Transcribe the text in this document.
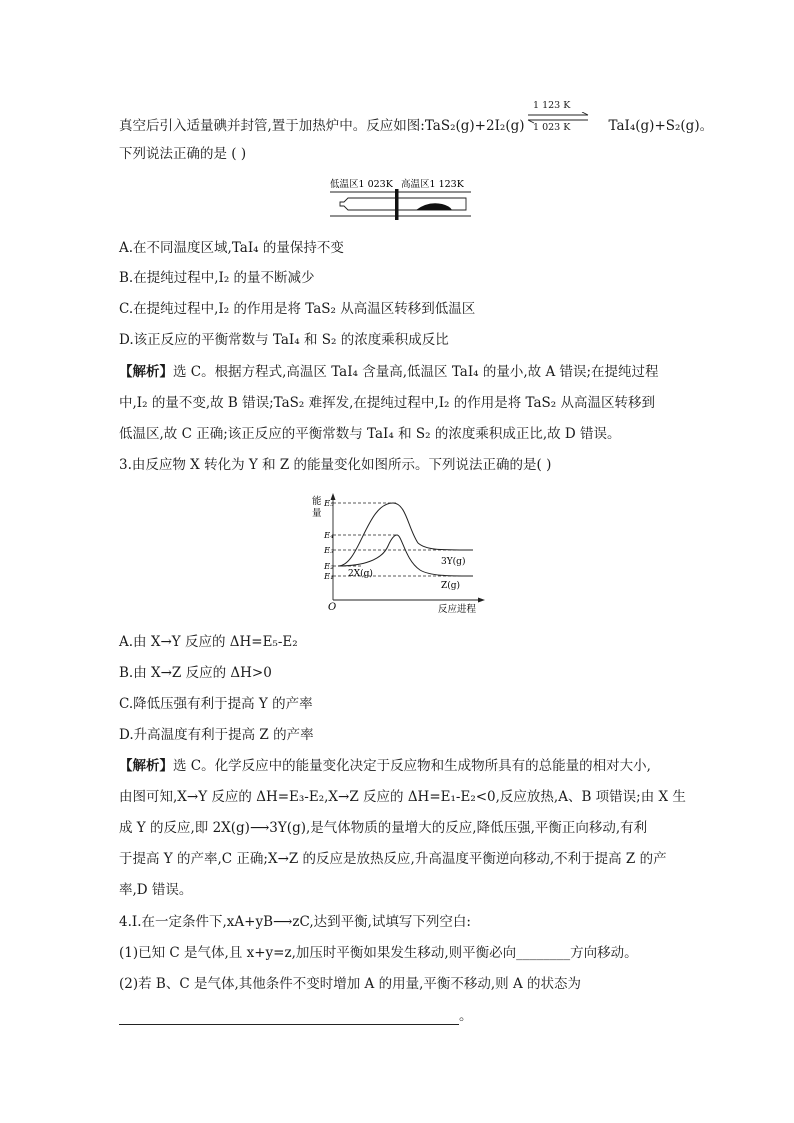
真空后引入适量碘并封管,置于加热炉中。反应如图:TaS₂(g)+2I₂(g)	TaI₄(g)+S₂(g)。
1 123 K
1 023 K
下列说法正确的是 ( )
低温区1 023K 高温区1 123K
A.在不同温度区域,TaI₄ 的量保持不变
B.在提纯过程中,I₂ 的量不断减少
C.在提纯过程中,I₂ 的作用是将 TaS₂ 从高温区转移到低温区
D.该正反应的平衡常数与 TaI₄ 和 S₂ 的浓度乘积成反比
【解析】选 C。根据方程式,高温区 TaI₄ 含量高,低温区 TaI₄ 的量小,故 A 错误;在提纯过程
中,I₂ 的量不变,故 B 错误;TaS₂ 难挥发,在提纯过程中,I₂ 的作用是将 TaS₂ 从高温区转移到
低温区,故 C 正确;该正反应的平衡常数与 TaI₄ 和 S₂ 的浓度乘积成正比,故 D 错误。
3.由反应物 X 转化为 Y 和 Z 的能量变化如图所示。下列说法正确的是( )
能
量
O	反应进程
E₅
E₄
E₃
E₂
E₁ 2X(g)
3Y(g)
Z(g)
A.由 X→Y 反应的 ΔH=E₅-E₂
B.由 X→Z 反应的 ΔH>0
C.降低压强有利于提高 Y 的产率
D.升高温度有利于提高 Z 的产率
【解析】选 C。化学反应中的能量变化决定于反应物和生成物所具有的总能量的相对大小,
由图可知,X→Y 反应的 ΔH=E₃-E₂,X→Z 反应的 ΔH=E₁-E₂<0,反应放热,A、B 项错误;由 X 生
成 Y 的反应,即 2X(g)⟶3Y(g),是气体物质的量增大的反应,降低压强,平衡正向移动,有利
于提高 Y 的产率,C 正确;X→Z 的反应是放热反应,升高温度平衡逆向移动,不利于提高 Z 的产
率,D 错误。
4.Ⅰ.在一定条件下,xA+yB⟶zC,达到平衡,试填写下列空白:
(1)已知 C 是气体,且 x+y=z,加压时平衡如果发生移动,则平衡必向________方向移动。
(2)若 B、C 是气体,其他条件不变时增加 A 的用量,平衡不移动,则 A 的状态为
。
